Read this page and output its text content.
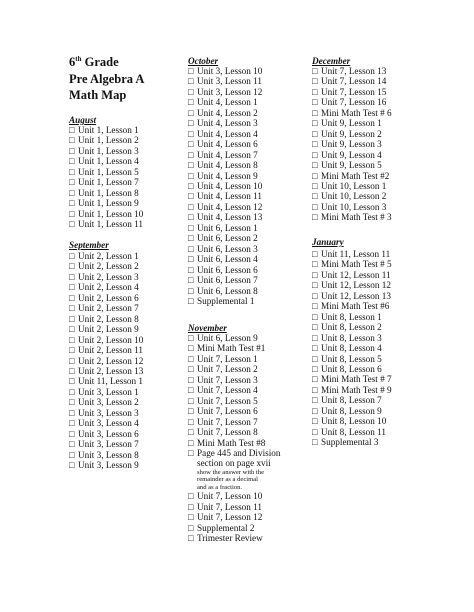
6th Grade
Pre Algebra A
Math Map
August
□ Unit 1, Lesson 1
□ Unit 1, Lesson 2
□ Unit 1, Lesson 3
□ Unit 1, Lesson 4
□ Unit 1, Lesson 5
□ Unit 1, Lesson 7
□ Unit 1, Lesson 8
□ Unit 1, Lesson 9
□ Unit 1, Lesson 10
□ Unit 1, Lesson 11
September
□ Unit 2, Lesson 1
□ Unit 2, Lesson 2
□ Unit 2, Lesson 3
□ Unit 2, Lesson 4
□ Unit 2, Lesson 6
□ Unit 2, Lesson 7
□ Unit 2, Lesson 8
□ Unit 2, Lesson 9
□ Unit 2, Lesson 10
□ Unit 2, Lesson 11
□ Unit 2, Lesson 12
□ Unit 2, Lesson 13
□ Unit 11, Lesson 1
□ Unit 3, Lesson 1
□ Unit 3, Lesson 2
□ Unit 3, Lesson 3
□ Unit 3, Lesson 4
□ Unit 3, Lesson 6
□ Unit 3, Lesson 7
□ Unit 3, Lesson 8
□ Unit 3, Lesson 9
October
□ Unit 3, Lesson 10
□ Unit 3, Lesson 11
□ Unit 3, Lesson 12
□ Unit 4, Lesson 1
□ Unit 4, Lesson 2
□ Unit 4, Lesson 3
□ Unit 4, Lesson 4
□ Unit 4, Lesson 6
□ Unit 4, Lesson 7
□ Unit 4, Lesson 8
□ Unit 4, Lesson 9
□ Unit 4, Lesson 10
□ Unit 4, Lesson 11
□ Unit 4, Lesson 12
□ Unit 4, Lesson 13
□ Unit 6, Lesson 1
□ Unit 6, Lesson 2
□ Unit 6, Lesson 3
□ Unit 6, Lesson 4
□ Unit 6, Lesson 6
□ Unit 6, Lesson 7
□ Unit 6, Lesson 8
□ Supplemental 1
November
□ Unit 6, Lesson 9
□ Mini Math Test #1
□ Unit 7, Lesson 1
□ Unit 7, Lesson 2
□ Unit 7, Lesson 3
□ Unit 7, Lesson 4
□ Unit 7, Lesson 5
□ Unit 7, Lesson 6
□ Unit 7, Lesson 7
□ Unit 7, Lesson 8
□ Mini Math Test #8
□ Page 445 and Division
section on page xvii
show the answer with the
remainder as a decimal
and as a fraction.
□ Unit 7, Lesson 10
□ Unit 7, Lesson 11
□ Unit 7, Lesson 12
□ Supplemental 2
□ Trimester Review
December
□ Unit 7, Lesson 13
□ Unit 7, Lesson 14
□ Unit 7, Lesson 15
□ Unit 7, Lesson 16
□ Mini Math Test # 6
□ Unit 9, Lesson 1
□ Unit 9, Lesson 2
□ Unit 9, Lesson 3
□ Unit 9, Lesson 4
□ Unit 9, Lesson 5
□ Mini Math Test #2
□ Unit 10, Lesson 1
□ Unit 10, Lesson 2
□ Unit 10, Lesson 3
□ Mini Math Test # 3
January
□ Unit 11, Lesson 11
□ Mini Math Test # 5
□ Unit 12, Lesson 11
□ Unit 12, Lesson 12
□ Unit 12, Lesson 13
□ Mini Math Test #6
□ Unit 8, Lesson 1
□ Unit 8, Lesson 2
□ Unit 8, Lesson 3
□ Unit 8, Lesson 4
□ Unit 8, Lesson 5
□ Unit 8, Lesson 6
□ Mini Math Test # 7
□ Mini Math Test # 9
□ Unit 8, Lesson 7
□ Unit 8, Lesson 9
□ Unit 8, Lesson 10
□ Unit 8, Lesson 11
□ Supplemental 3
